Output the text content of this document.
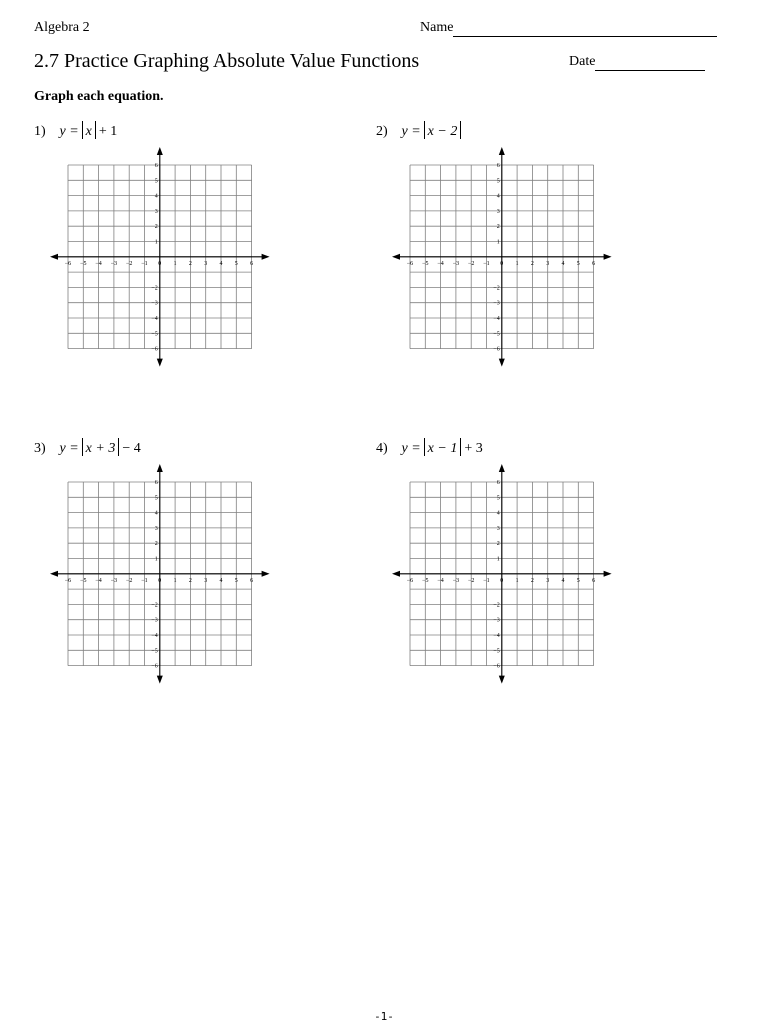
Algebra 2	Name
2.7 Practice Graphing Absolute Value Functions	Date
Graph each equation.
1) y = x + 1
−6 −5 −4 −3 −2 −1 0 1 2 3 4 5 6
6
5
4
3
2
1
−2
−3
−4
−5
−6
2) y = x − 2
−6 −5 −4 −3 −2 −1 0 1 2 3 4 5 6
6
5
4
3
2
1
−2
−3
−4
−5
−6
3) y = x + 3 − 4
−6 −5 −4 −3 −2 −1 0 1 2 3 4 5 6
6
5
4
3
2
1
−2
−3
−4
−5
−6
4) y = x − 1 + 3
−6 −5 −4 −3 −2 −1 0 1 2 3 4 5 6
6
5
4
3
2
1
−2
−3
−4
−5
−6
-1-
